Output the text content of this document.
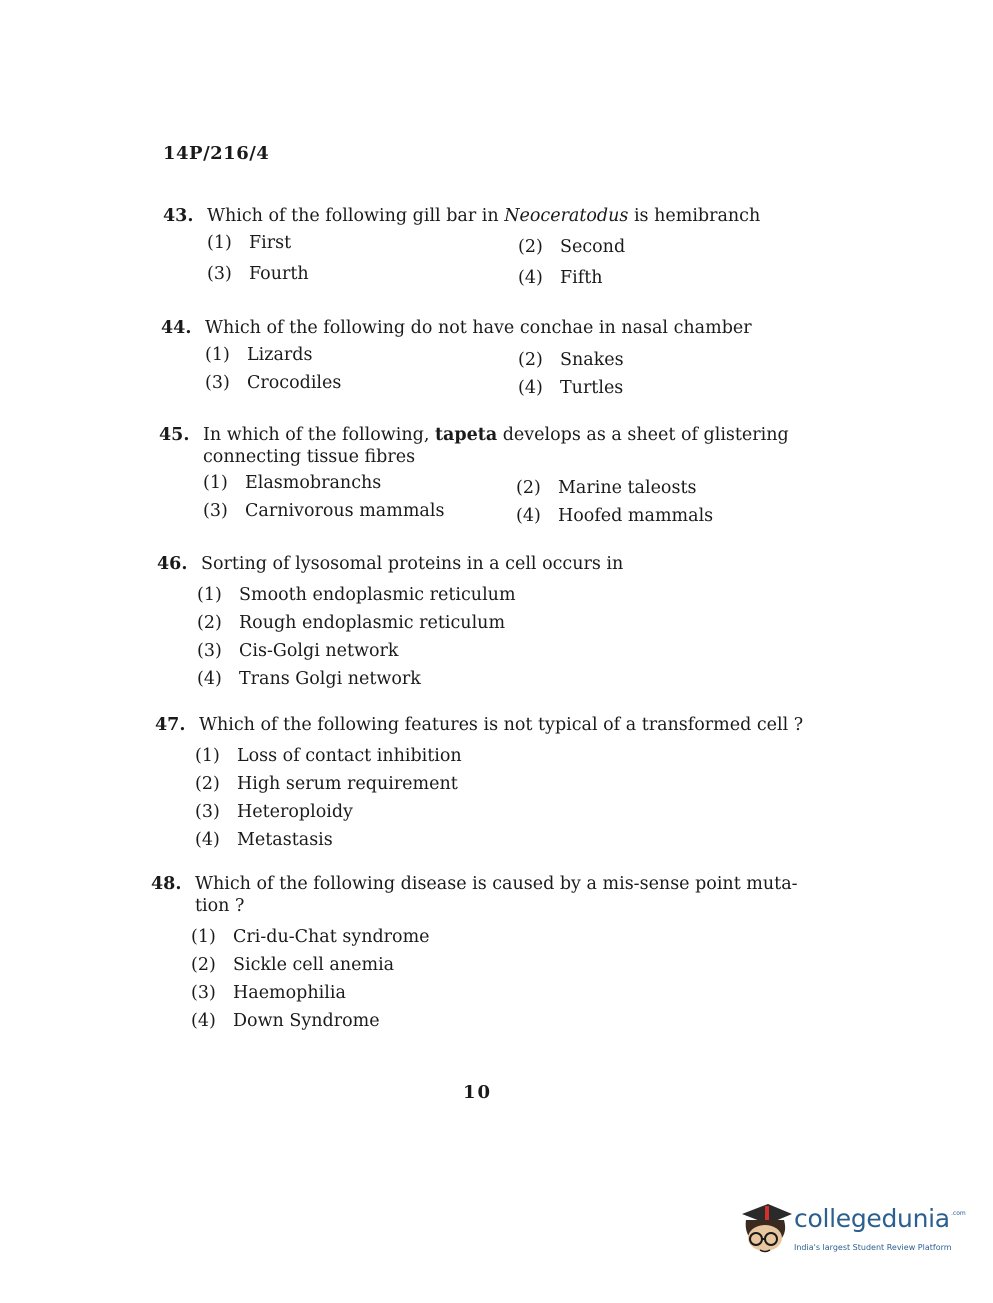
14P/216/4
43. Which of the following gill bar in Neoceratodus is hemibranch
(1) First	(2) Second
(3) Fourth	(4) Fifth
44. Which of the following do not have conchae in nasal chamber
(1) Lizards	(2) Snakes
(3) Crocodiles	(4) Turtles
45. In which of the following, tapeta develops as a sheet of glistering connecting tissue fibres
(1) Elasmobranchs	(2) Marine taleosts
(3) Carnivorous mammals	(4) Hoofed mammals
46. Sorting of lysosomal proteins in a cell occurs in
(1) Smooth endoplasmic reticulum
(2) Rough endoplasmic reticulum
(3) Cis-Golgi network
(4) Trans Golgi network
47. Which of the following features is not typical of a transformed cell ?
(1) Loss of contact inhibition
(2) High serum requirement
(3) Heteroploidy
(4) Metastasis
48. Which of the following disease is caused by a mis-sense point muta-tion ?
(1) Cri-du-Chat syndrome
(2) Sickle cell anemia
(3) Haemophilia
(4) Down Syndrome
10
collegedunia .com
India's largest Student Review Platform
